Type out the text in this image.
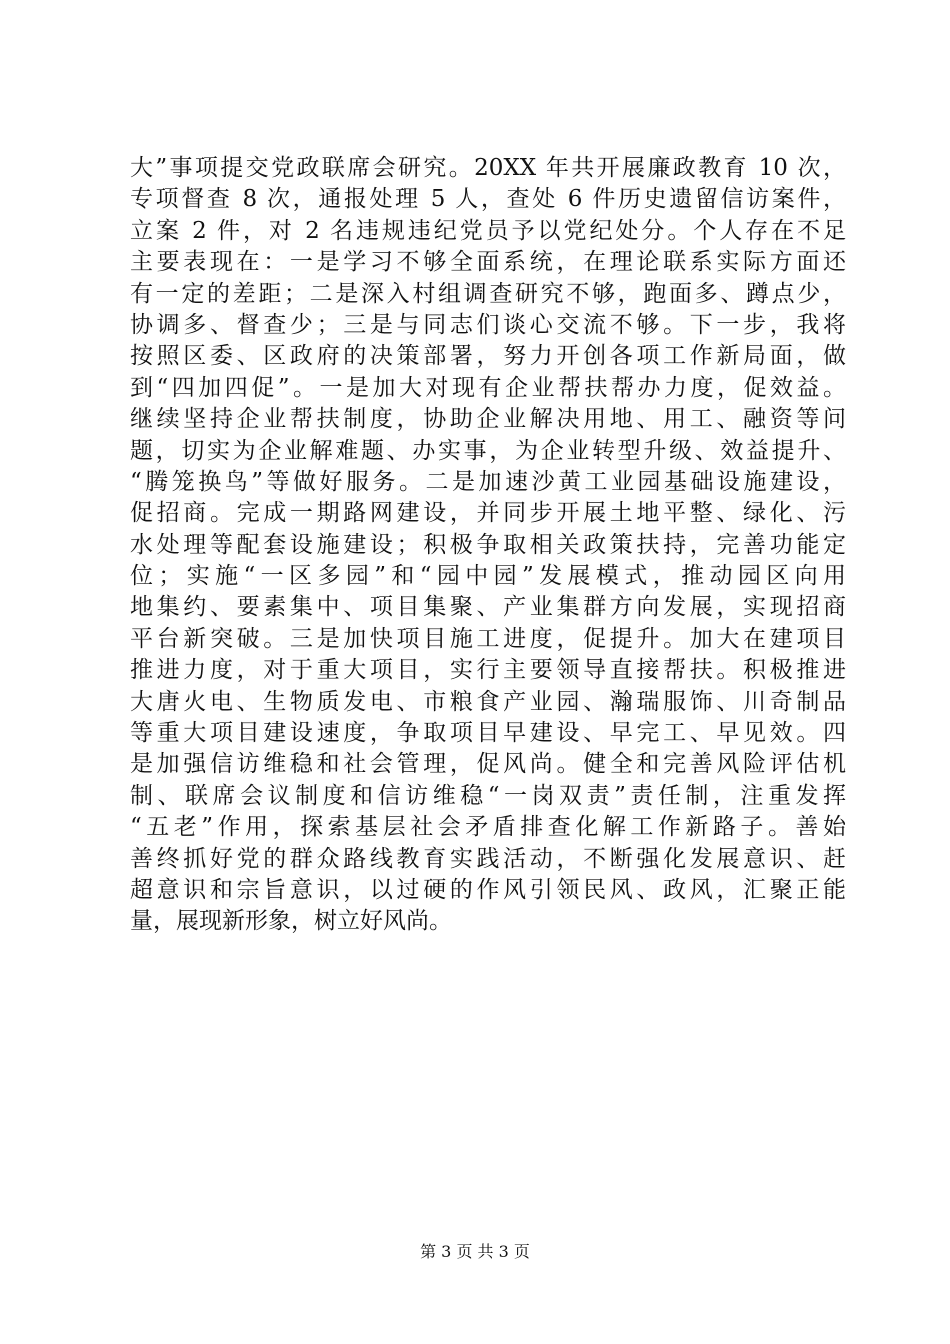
大”事项提交党政联席会研究。20XX 年共开展廉政教育 10 次，
专项督查 8 次，通报处理 5 人，查处 6 件历史遗留信访案件，
立案 2 件，对 2 名违规违纪党员予以党纪处分。个人存在不足
主要表现在：一是学习不够全面系统，在理论联系实际方面还
有一定的差距；二是深入村组调查研究不够，跑面多、蹲点少，
协调多、督查少；三是与同志们谈心交流不够。下一步，我将
按照区委、区政府的决策部署，努力开创各项工作新局面，做
到“四加四促”。一是加大对现有企业帮扶帮办力度，促效益。
继续坚持企业帮扶制度，协助企业解决用地、用工、融资等问
题，切实为企业解难题、办实事，为企业转型升级、效益提升、
“腾笼换鸟”等做好服务。二是加速沙黄工业园基础设施建设，
促招商。完成一期路网建设，并同步开展土地平整、绿化、污
水处理等配套设施建设；积极争取相关政策扶持，完善功能定
位；实施“一区多园”和“园中园”发展模式，推动园区向用
地集约、要素集中、项目集聚、产业集群方向发展，实现招商
平台新突破。三是加快项目施工进度，促提升。加大在建项目
推进力度，对于重大项目，实行主要领导直接帮扶。积极推进
大唐火电、生物质发电、市粮食产业园、瀚瑞服饰、川奇制品
等重大项目建设速度，争取项目早建设、早完工、早见效。四
是加强信访维稳和社会管理，促风尚。健全和完善风险评估机
制、联席会议制度和信访维稳“一岗双责”责任制，注重发挥
“五老”作用，探索基层社会矛盾排查化解工作新路子。善始
善终抓好党的群众路线教育实践活动，不断强化发展意识、赶
超意识和宗旨意识，以过硬的作风引领民风、政风，汇聚正能
量，展现新形象，树立好风尚。
第 3 页 共 3 页
